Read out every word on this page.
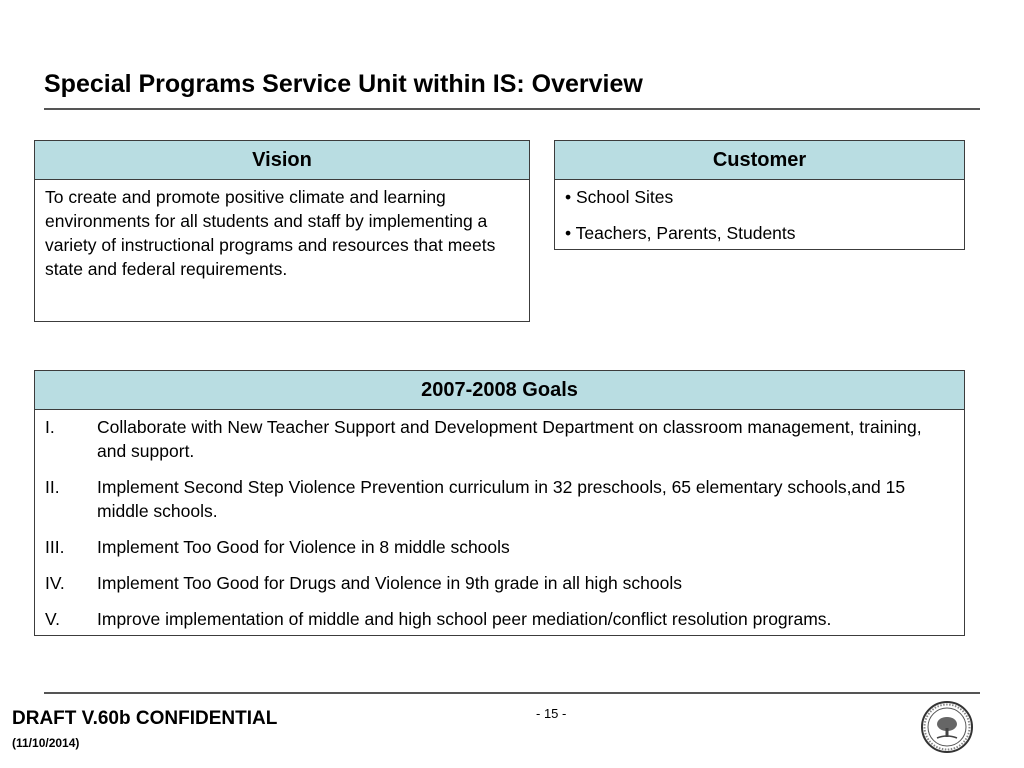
Special Programs Service Unit within IS: Overview
Vision
To create and promote positive climate and learning environments for all students and staff by implementing a variety of instructional programs and resources that meets state and federal requirements.
Customer
• School Sites
• Teachers, Parents, Students
2007-2008 Goals
I.	Collaborate with New Teacher Support and Development Department on classroom management, training, and support.
II.	Implement Second Step Violence Prevention curriculum in 32 preschools, 65 elementary schools,and 15 middle schools.
III.	Implement Too Good for Violence in 8 middle schools
IV.	Implement Too Good for Drugs and Violence in 9th grade in all high schools
V.	Improve implementation of middle and high school peer mediation/conflict resolution programs.
DRAFT V.60b CONFIDENTIAL
(11/10/2014)
- 15 -
